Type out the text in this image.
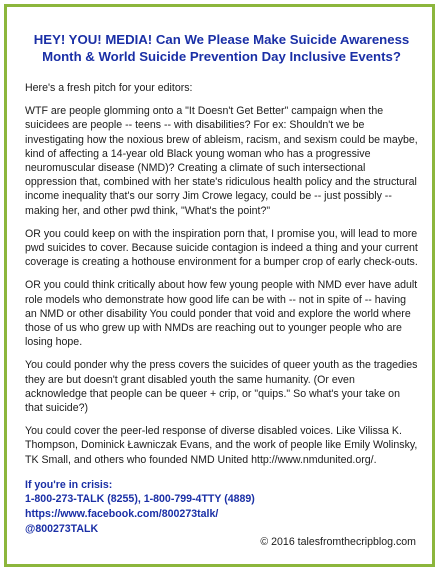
HEY! YOU! MEDIA! Can We Please Make Suicide Awareness
Month & World Suicide Prevention Day Inclusive Events?

Here's a fresh pitch for your editors:

WTF are people glomming onto a "It Doesn't Get Better" campaign when the suicidees are people -- teens -- with disabilities? For ex: Shouldn't we be investigating how the noxious brew of ableism, racism, and sexism could be maybe, kind of affecting a 14-year old Black young woman who has a progressive neuromuscular disease (NMD)? Creating a climate of such intersectional oppression that, combined with her state's ridiculous health policy and the structural income inequality that's our sorry Jim Crowe legacy, could be -- just possibly -- making her, and other pwd think, "What's the point?"

OR you could keep on with the inspiration porn that, I promise you, will lead to more pwd suicides to cover. Because suicide contagion is indeed a thing and your current coverage is creating a hothouse environment for a bumper crop of early check-outs.

OR you could think critically about how few young people with NMD ever have adult role models who demonstrate how good life can be with -- not in spite of -- having an NMD or other disability You could ponder that void and explore the world where those of us who grew up with NMDs are reaching out to younger people who are losing hope.

You could ponder why the press covers the suicides of queer youth as the tragedies they are but doesn't grant disabled youth the same humanity. (Or even acknowledge that people can be queer + crip, or "quips." So what's your take on that suicide?)

You could cover the peer-led response of diverse disabled voices. Like Vilissa K. Thompson, Dominick Ławniczak Evans, and the work of people like Emily Wolinsky, TK Small, and others who founded NMD United http://www.nmdunited.org/.

If you're in crisis:
1-800-273-TALK (8255), 1-800-799-4TTY (4889)
https://www.facebook.com/800273talk/
@800273TALK
© 2016 talesfromthecripblog.com
